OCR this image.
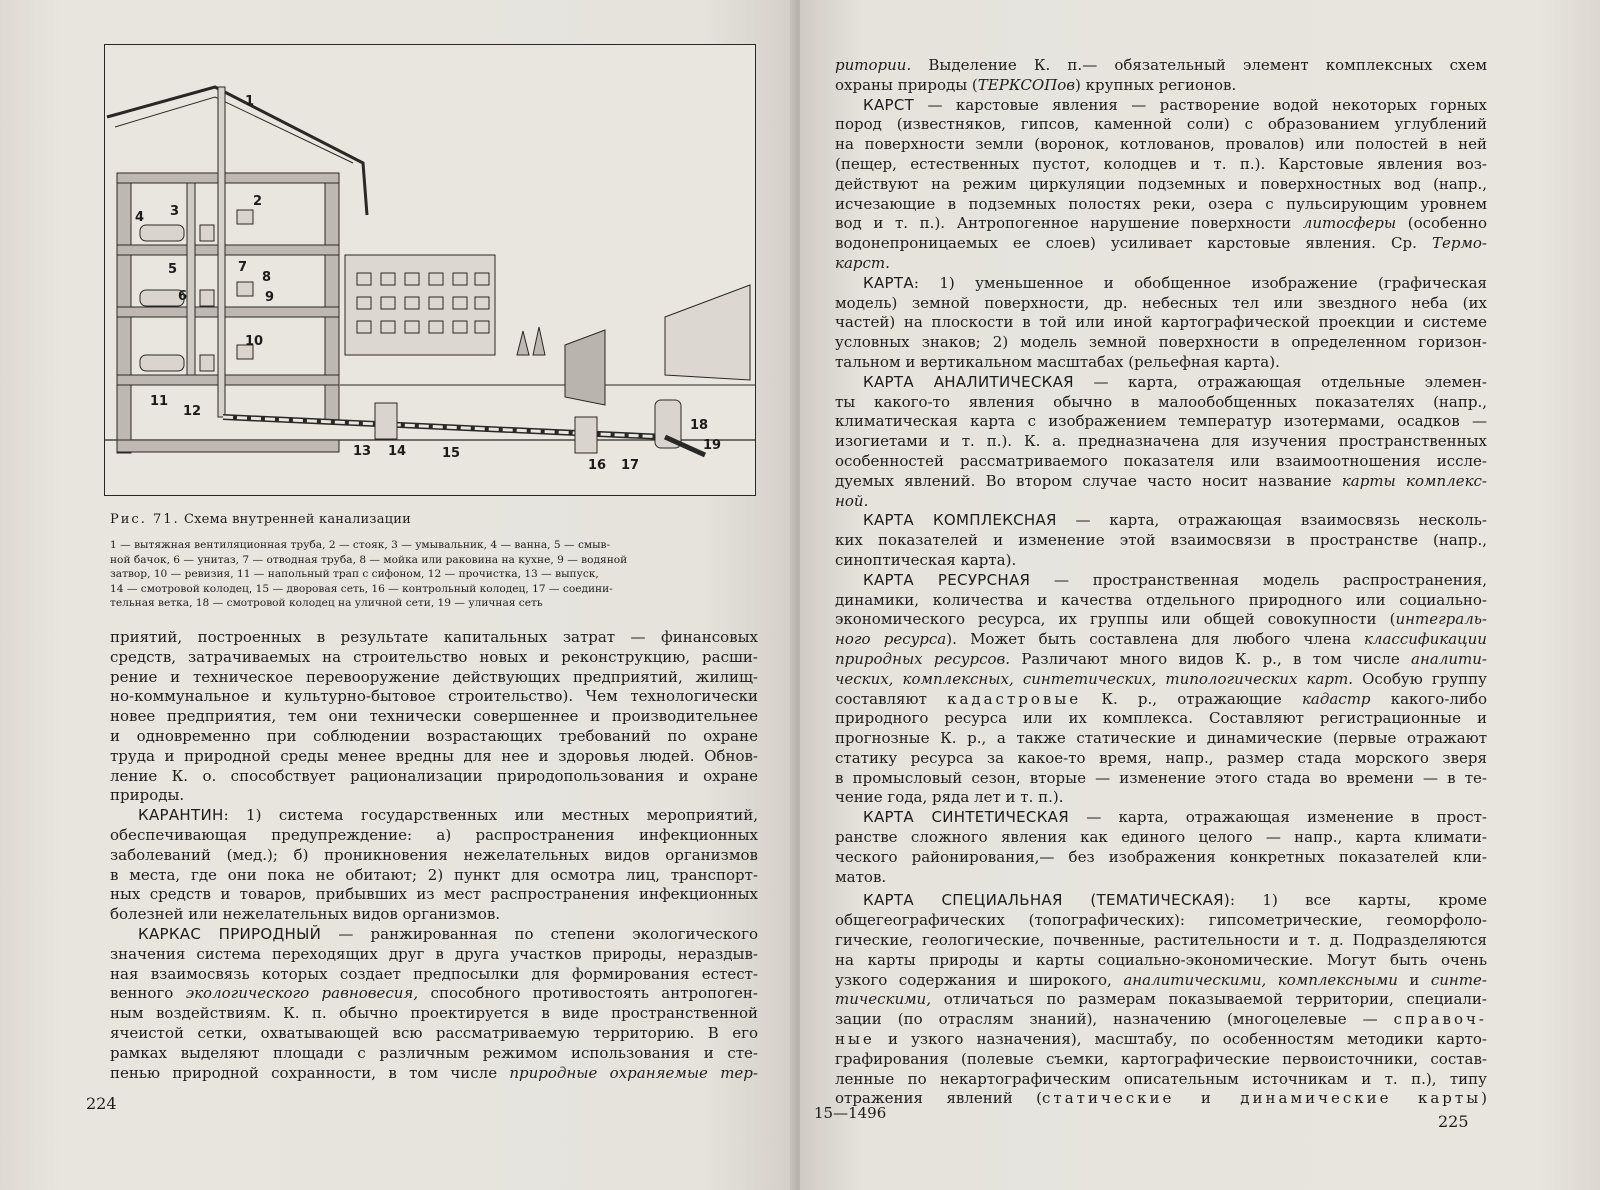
1
2
3
4
5
6
7
8
9
10
11
12
13 14	15
16 17
18
19
Рис. 71. Схема внутренней канализации
1 — вытяжная вентиляционная труба, 2 — стояк, 3 — умывальник, 4 — ванна, 5 — смыв-
ной бачок, 6 — унитаз, 7 — отводная труба, 8 — мойка или раковина на кухне, 9 — водяной
затвор, 10 — ревизия, 11 — напольный трап с сифоном, 12 — прочистка, 13 — выпуск,
14 — смотровой колодец, 15 — дворовая сеть, 16 — контрольный колодец, 17 — соедини-
тельная ветка, 18 — смотровой колодец на уличной сети, 19 — уличная сеть
приятий, построенных в результате капитальных затрат — финансовых
средств, затрачиваемых на строительство новых и реконструкцию, расши-
рение и техническое перевооружение действующих предприятий, жилищ-
но-коммунальное и культурно-бытовое строительство). Чем технологически
новее предприятия, тем они технически совершеннее и производительнее
и одновременно при соблюдении возрастающих требований по охране
труда и природной среды менее вредны для нее и здоровья людей. Обнов-
ление К. о. способствует рационализации природопользования и охране
природы.
КАРАНТИН: 1) система государственных или местных мероприятий,
обеспечивающая предупреждение: а) распространения инфекционных
заболеваний (мед.); б) проникновения нежелательных видов организмов
в места, где они пока не обитают; 2) пункт для осмотра лиц, транспорт-
ных средств и товаров, прибывших из мест распространения инфекционных
болезней или нежелательных видов организмов.
КАРКАС ПРИРОДНЫЙ — ранжированная по степени экологического
значения система переходящих друг в друга участков природы, нераздыв-
ная взаимосвязь которых создает предпосылки для формирования естест-
венного экологического равновесия, способного противостоять антропоген-
ным воздействиям. К. п. обычно проектируется в виде пространственной
ячеистой сетки, охватывающей всю рассматриваемую территорию. В его
рамках выделяют площади с различным режимом использования и сте-
пенью природной сохранности, в том числе природные охраняемые тер-
224
ритории. Выделение К. п.— обязательный элемент комплексных схем
охраны природы (ТЕРКСОПов) крупных регионов.
КАРСТ — карстовые явления — растворение водой некоторых горных
пород (известняков, гипсов, каменной соли) с образованием углублений
на поверхности земли (воронок, котлованов, провалов) или полостей в ней
(пещер, естественных пустот, колодцев и т. п.). Карстовые явления воз-
действуют на режим циркуляции подземных и поверхностных вод (напр.,
исчезающие в подземных полостях реки, озера с пульсирующим уровнем
вод и т. п.). Антропогенное нарушение поверхности литосферы (особенно
водонепроницаемых ее слоев) усиливает карстовые явления. Ср. Термо-
карст.
КАРТА: 1) уменьшенное и обобщенное изображение (графическая
модель) земной поверхности, др. небесных тел или звездного неба (их
частей) на плоскости в той или иной картографической проекции и системе
условных знаков; 2) модель земной поверхности в определенном горизон-
тальном и вертикальном масштабах (рельефная карта).
КАРТА АНАЛИТИЧЕСКАЯ — карта, отражающая отдельные элемен-
ты какого-то явления обычно в малообобщенных показателях (напр.,
климатическая карта с изображением температур изотермами, осадков —
изогиетами и т. п.). К. а. предназначена для изучения пространственных
особенностей рассматриваемого показателя или взаимоотношения иссле-
дуемых явлений. Во втором случае часто носит название карты комплекс-
ной.
КАРТА КОМПЛЕКСНАЯ — карта, отражающая взаимосвязь несколь-
ких показателей и изменение этой взаимосвязи в пространстве (напр.,
синоптическая карта).
КАРТА РЕСУРСНАЯ — пространственная модель распространения,
динамики, количества и качества отдельного природного или социально-
экономического ресурса, их группы или общей совокупности (интеграль-
ного ресурса). Может быть составлена для любого члена классификации
природных ресурсов. Различают много видов К. р., в том числе аналити-
ческих, комплексных, синтетических, типологических карт. Особую группу
составляют кадастровые К. р., отражающие кадастр какого-либо
природного ресурса или их комплекса. Составляют регистрационные и
прогнозные К. р., а также статические и динамические (первые отражают
статику ресурса за какое-то время, напр., размер стада морского зверя
в промысловый сезон, вторые — изменение этого стада во времени — в те-
чение года, ряда лет и т. п.).
КАРТА СИНТЕТИЧЕСКАЯ — карта, отражающая изменение в прост-
ранстве сложного явления как единого целого — напр., карта климати-
ческого районирования,— без изображения конкретных показателей кли-
матов.
КАРТА СПЕЦИАЛЬНАЯ (ТЕМАТИЧЕСКАЯ): 1) все карты, кроме
общегеографических (топографических): гипсометрические, геоморфоло-
гические, геологические, почвенные, растительности и т. д. Подразделяются
на карты природы и карты социально-экономические. Могут быть очень
узкого содержания и широкого, аналитическими, комплексными и синте-
тическими, отличаться по размерам показываемой территории, специали-
зации (по отраслям знаний), назначению (многоцелевые — справоч-
ные и узкого назначения), масштабу, по особенностям методики карто-
графирования (полевые съемки, картографические первоисточники, состав-
ленные по некартографическим описательным источникам и т. п.), типу
отражения явлений (статические и динамические карты)
15—1496	225
